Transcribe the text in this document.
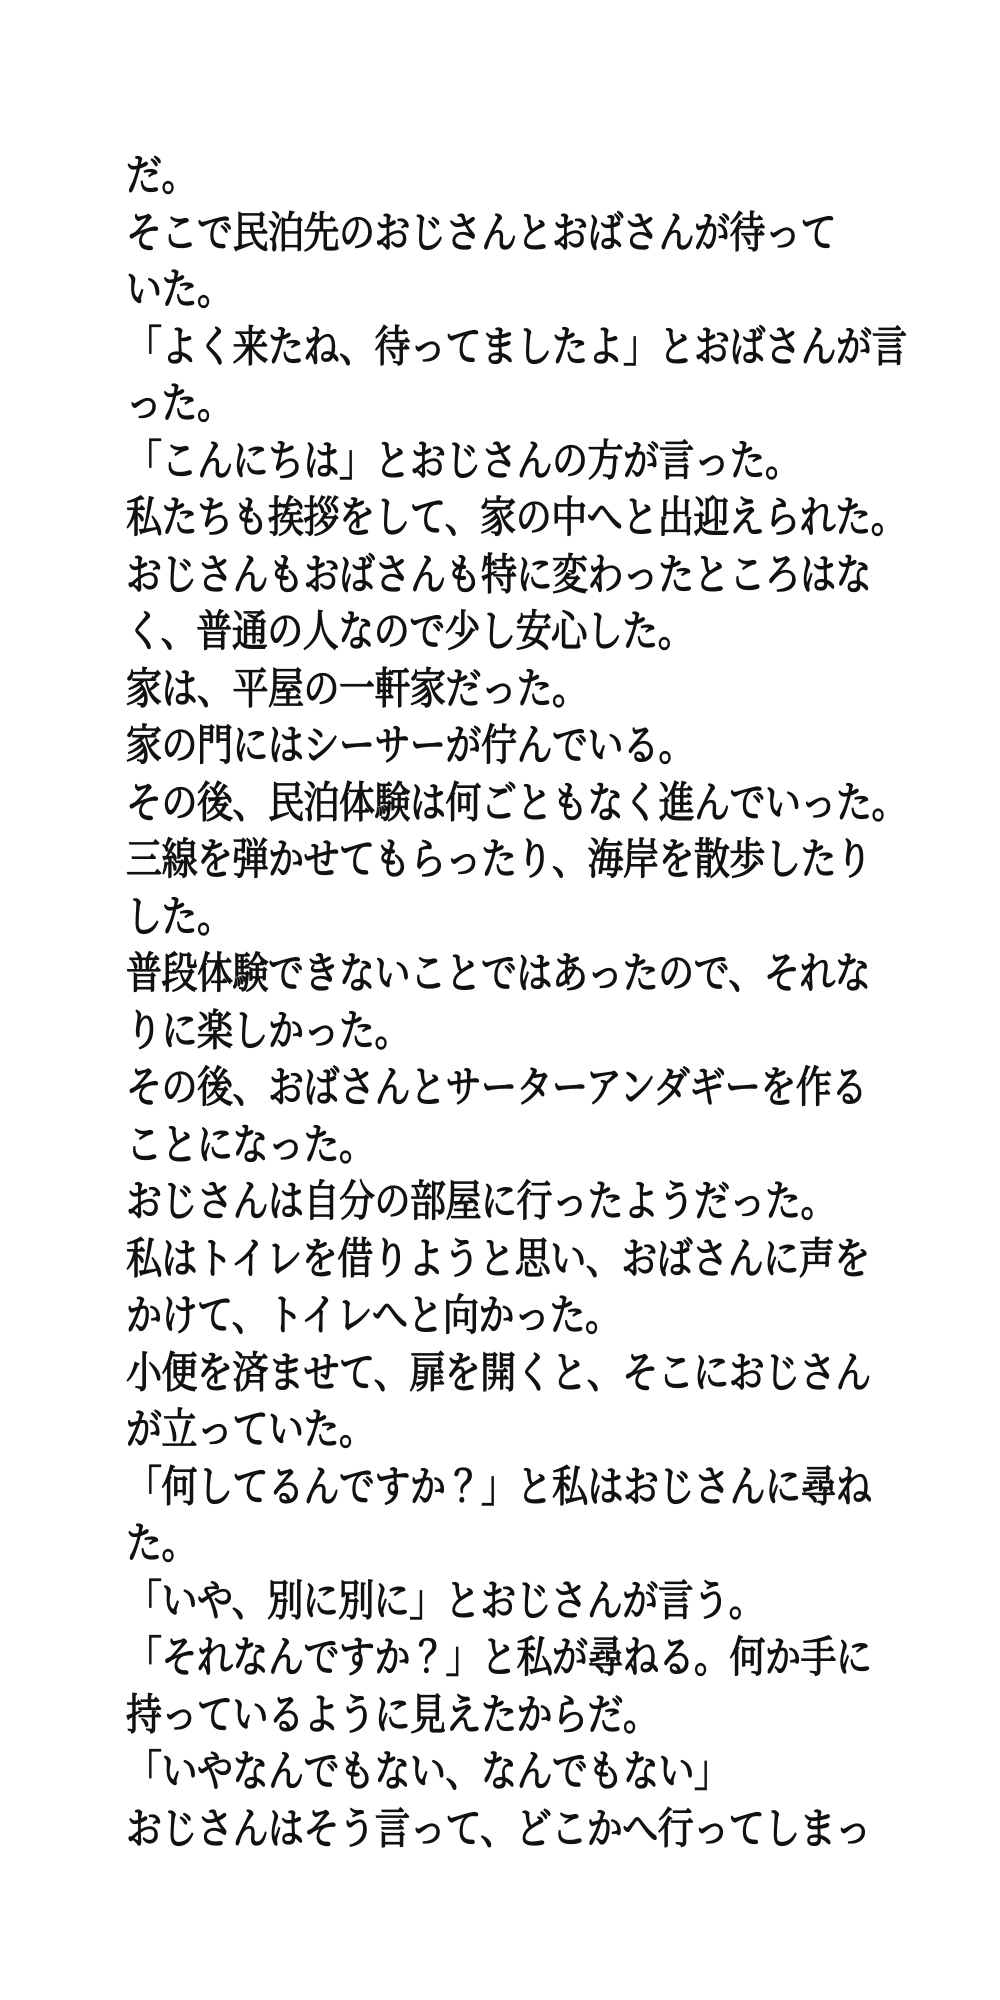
だ。
そこで民泊先のおじさんとおばさんが待って
いた。
「よく来たね、待ってましたよ」とおばさんが言
った。
「こんにちは」とおじさんの方が言った。
私たちも挨拶をして、家の中へと出迎えられた。
おじさんもおばさんも特に変わったところはな
く、普通の人なので少し安心した。
家は、平屋の一軒家だった。
家の門にはシーサーが佇んでいる。
その後、民泊体験は何ごともなく進んでいった。
三線を弾かせてもらったり、海岸を散歩したり
した。
普段体験できないことではあったので、それな
りに楽しかった。
その後、おばさんとサーターアンダギーを作る
ことになった。
おじさんは自分の部屋に行ったようだった。
私はトイレを借りようと思い、おばさんに声を
かけて、トイレへと向かった。
小便を済ませて、扉を開くと、そこにおじさん
が立っていた。
「何してるんですか？」と私はおじさんに尋ね
た。
「いや、別に別に」とおじさんが言う。
「それなんですか？」と私が尋ねる。何か手に
持っているように見えたからだ。
「いやなんでもない、なんでもない」
おじさんはそう言って、どこかへ行ってしまっ
